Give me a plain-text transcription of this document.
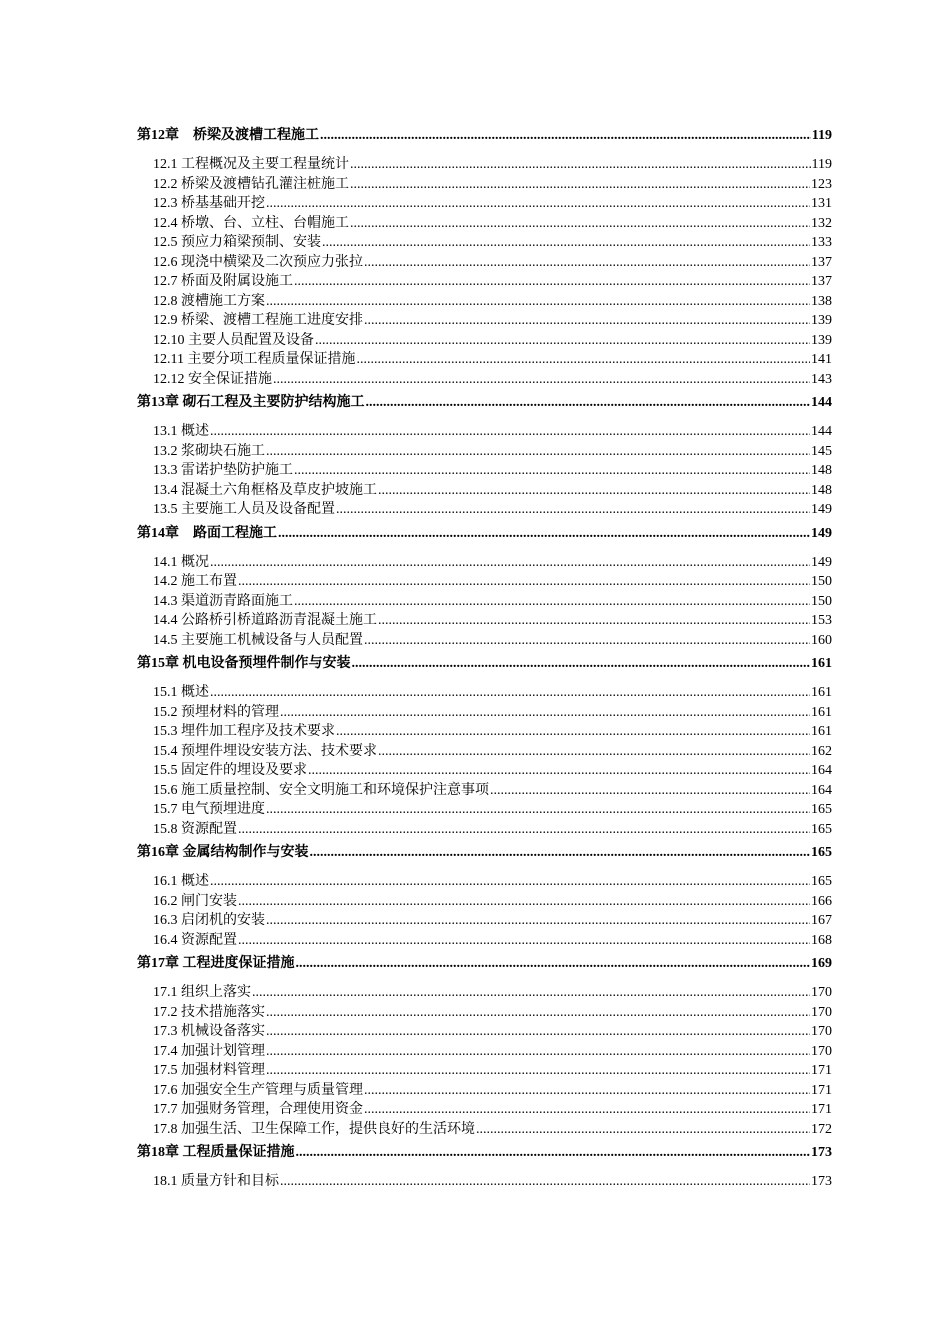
第12章　桥梁及渡槽工程施工 .....	119
12.1 工程概况及主要工程量统计 .....	119
12.2 桥梁及渡槽钻孔灌注桩施工 .....	123
12.3 桥基基础开挖 .....	131
12.4 桥墩、台、立柱、台帽施工 .....	132
12.5 预应力箱梁预制、安装 .....	133
12.6 现浇中横梁及二次预应力张拉 .....	137
12.7 桥面及附属设施工 .....	137
12.8 渡槽施工方案 .....	138
12.9 桥梁、渡槽工程施工进度安排 .....	139
12.10 主要人员配置及设备 .....	139
12.11 主要分项工程质量保证措施 .....	141
12.12 安全保证措施 .....	143
第13章 砌石工程及主要防护结构施工 .....	144
13.1 概述 .....	144
13.2 浆砌块石施工 .....	145
13.3 雷诺护垫防护施工 .....	148
13.4 混凝土六角框格及草皮护坡施工 .....	148
13.5 主要施工人员及设备配置 .....	149
第14章　路面工程施工 .....	149
14.1 概况 .....	149
14.2 施工布置 .....	150
14.3 渠道沥青路面施工 .....	150
14.4 公路桥引桥道路沥青混凝土施工 .....	153
14.5 主要施工机械设备与人员配置 .....	160
第15章 机电设备预埋件制作与安装 .....	161
15.1 概述 .....	161
15.2 预埋材料的管理 .....	161
15.3 埋件加工程序及技术要求 .....	161
15.4 预埋件埋设安装方法、技术要求 .....	162
15.5 固定件的埋设及要求 .....	164
15.6 施工质量控制、安全文明施工和环境保护注意事项 .....	164
15.7 电气预埋进度 .....	165
15.8 资源配置 .....	165
第16章 金属结构制作与安装 .....	165
16.1 概述 .....	165
16.2 闸门安装 .....	166
16.3 启闭机的安装 .....	167
16.4 资源配置 .....	168
第17章 工程进度保证措施 .....	169
17.1 组织上落实 .....	170
17.2 技术措施落实 .....	170
17.3 机械设备落实 .....	170
17.4 加强计划管理 .....	170
17.5 加强材料管理 .....	171
17.6 加强安全生产管理与质量管理 .....	171
17.7 加强财务管理，合理使用资金 .....	171
17.8 加强生活、卫生保障工作，提供良好的生活环境 .....	172
第18章 工程质量保证措施 .....	173
18.1 质量方针和目标 .....	173
